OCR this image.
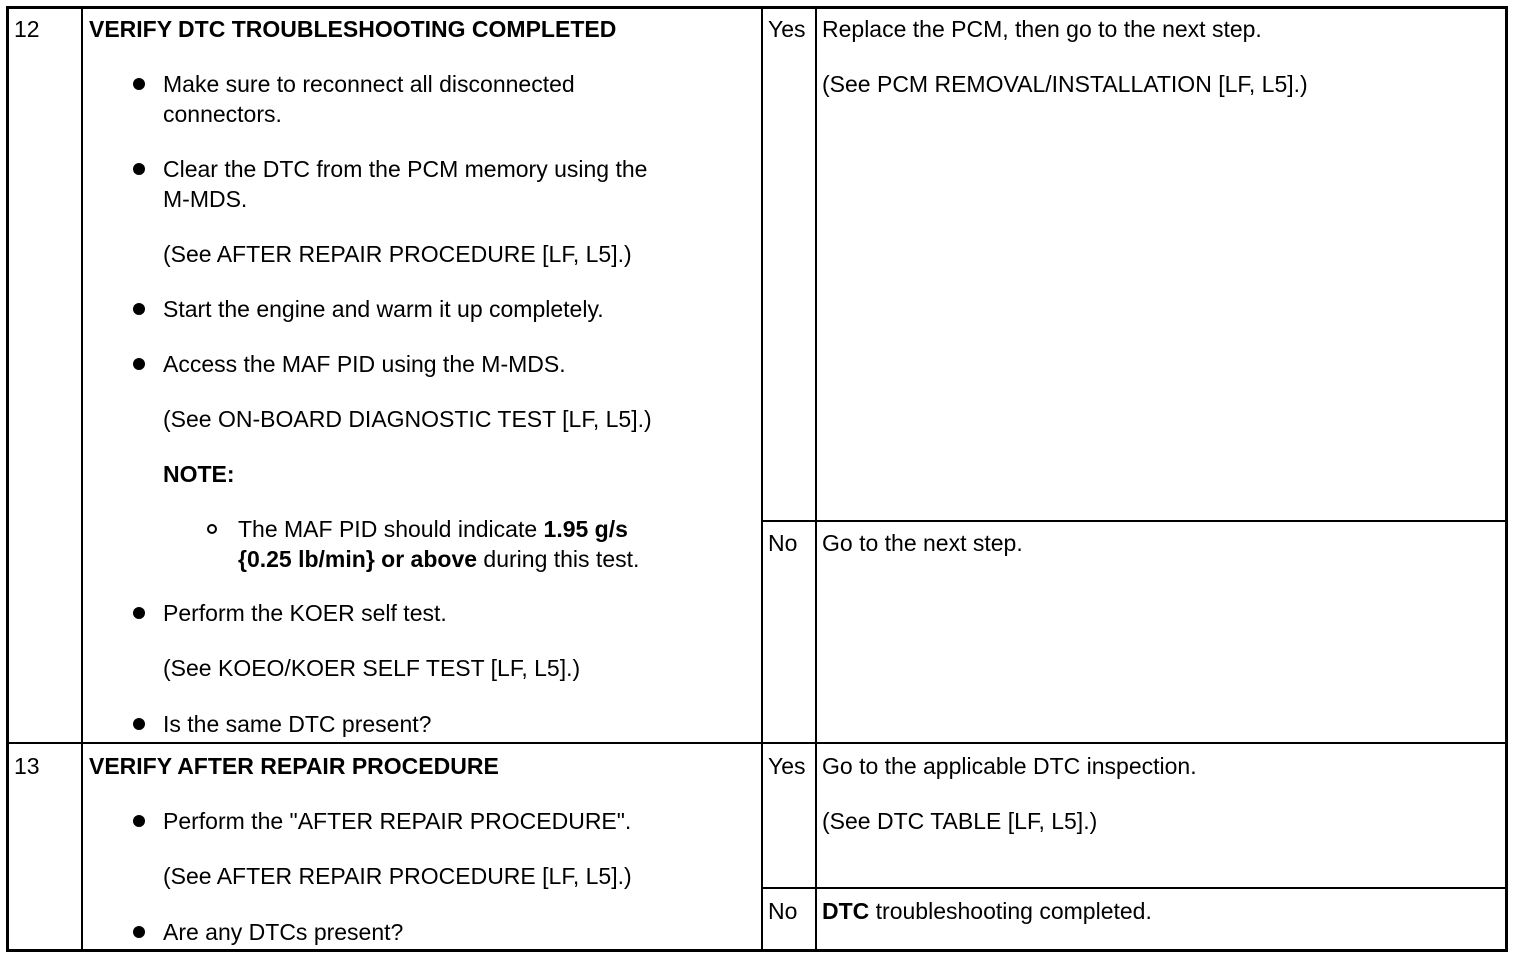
12 VERIFY DTC TROUBLESHOOTING COMPLETED
Make sure to reconnect all disconnected
connectors.
Clear the DTC from the PCM memory using the
M-MDS.
(See AFTER REPAIR PROCEDURE [LF, L5].)
Start the engine and warm it up completely.
Access the MAF PID using the M-MDS.
(See ON-BOARD DIAGNOSTIC TEST [LF, L5].)
NOTE:
The MAF PID should indicate 1.95 g/s
{0.25 lb/min} or above during this test.
Perform the KOER self test.
(See KOEO/KOER SELF TEST [LF, L5].)
Is the same DTC present?
Yes Replace the PCM, then go to the next step.
(See PCM REMOVAL/INSTALLATION [LF, L5].)
No Go to the next step.
13 VERIFY AFTER REPAIR PROCEDURE
Perform the "AFTER REPAIR PROCEDURE".
(See AFTER REPAIR PROCEDURE [LF, L5].)
Are any DTCs present?
Yes Go to the applicable DTC inspection.
(See DTC TABLE [LF, L5].)
No DTC troubleshooting completed.
